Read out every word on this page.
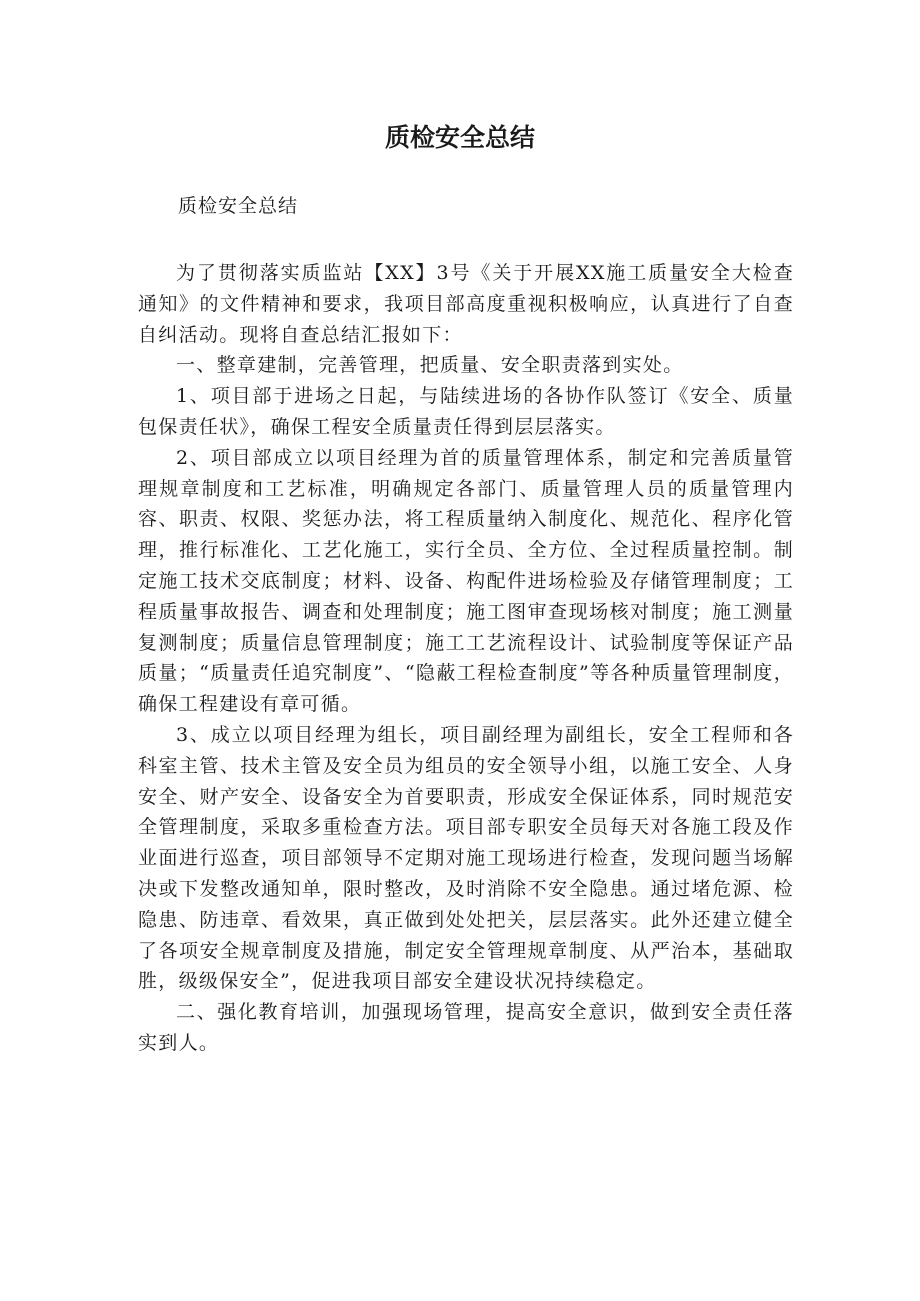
质检安全总结
质检安全总结

为了贯彻落实质监站【XX】3号《关于开展XX施工质量安全大检查通知》的文件精神和要求，我项目部高度重视积极响应，认真进行了自查自纠活动。现将自查总结汇报如下：

一、整章建制，完善管理，把质量、安全职责落到实处。

1、项目部于进场之日起，与陆续进场的各协作队签订《安全、质量包保责任状》，确保工程安全质量责任得到层层落实。

2、项目部成立以项目经理为首的质量管理体系，制定和完善质量管理规章制度和工艺标准，明确规定各部门、质量管理人员的质量管理内容、职责、权限、奖惩办法，将工程质量纳入制度化、规范化、程序化管理，推行标准化、工艺化施工，实行全员、全方位、全过程质量控制。制定施工技术交底制度；材料、设备、构配件进场检验及存储管理制度；工程质量事故报告、调查和处理制度；施工图审查现场核对制度；施工测量复测制度；质量信息管理制度；施工工艺流程设计、试验制度等保证产品质量；“质量责任追究制度”、“隐蔽工程检查制度”等各种质量管理制度，确保工程建设有章可循。

3、成立以项目经理为组长，项目副经理为副组长，安全工程师和各科室主管、技术主管及安全员为组员的安全领导小组，以施工安全、人身安全、财产安全、设备安全为首要职责，形成安全保证体系，同时规范安全管理制度，采取多重检查方法。项目部专职安全员每天对各施工段及作业面进行巡查，项目部领导不定期对施工现场进行检查，发现问题当场解决或下发整改通知单，限时整改，及时消除不安全隐患。通过堵危源、检隐患、防违章、看效果，真正做到处处把关，层层落实。此外还建立健全了各项安全规章制度及措施，制定安全管理规章制度、从严治本，基础取胜，级级保安全”，促进我项目部安全建设状况持续稳定。

二、强化教育培训，加强现场管理，提高安全意识，做到安全责任落实到人。
